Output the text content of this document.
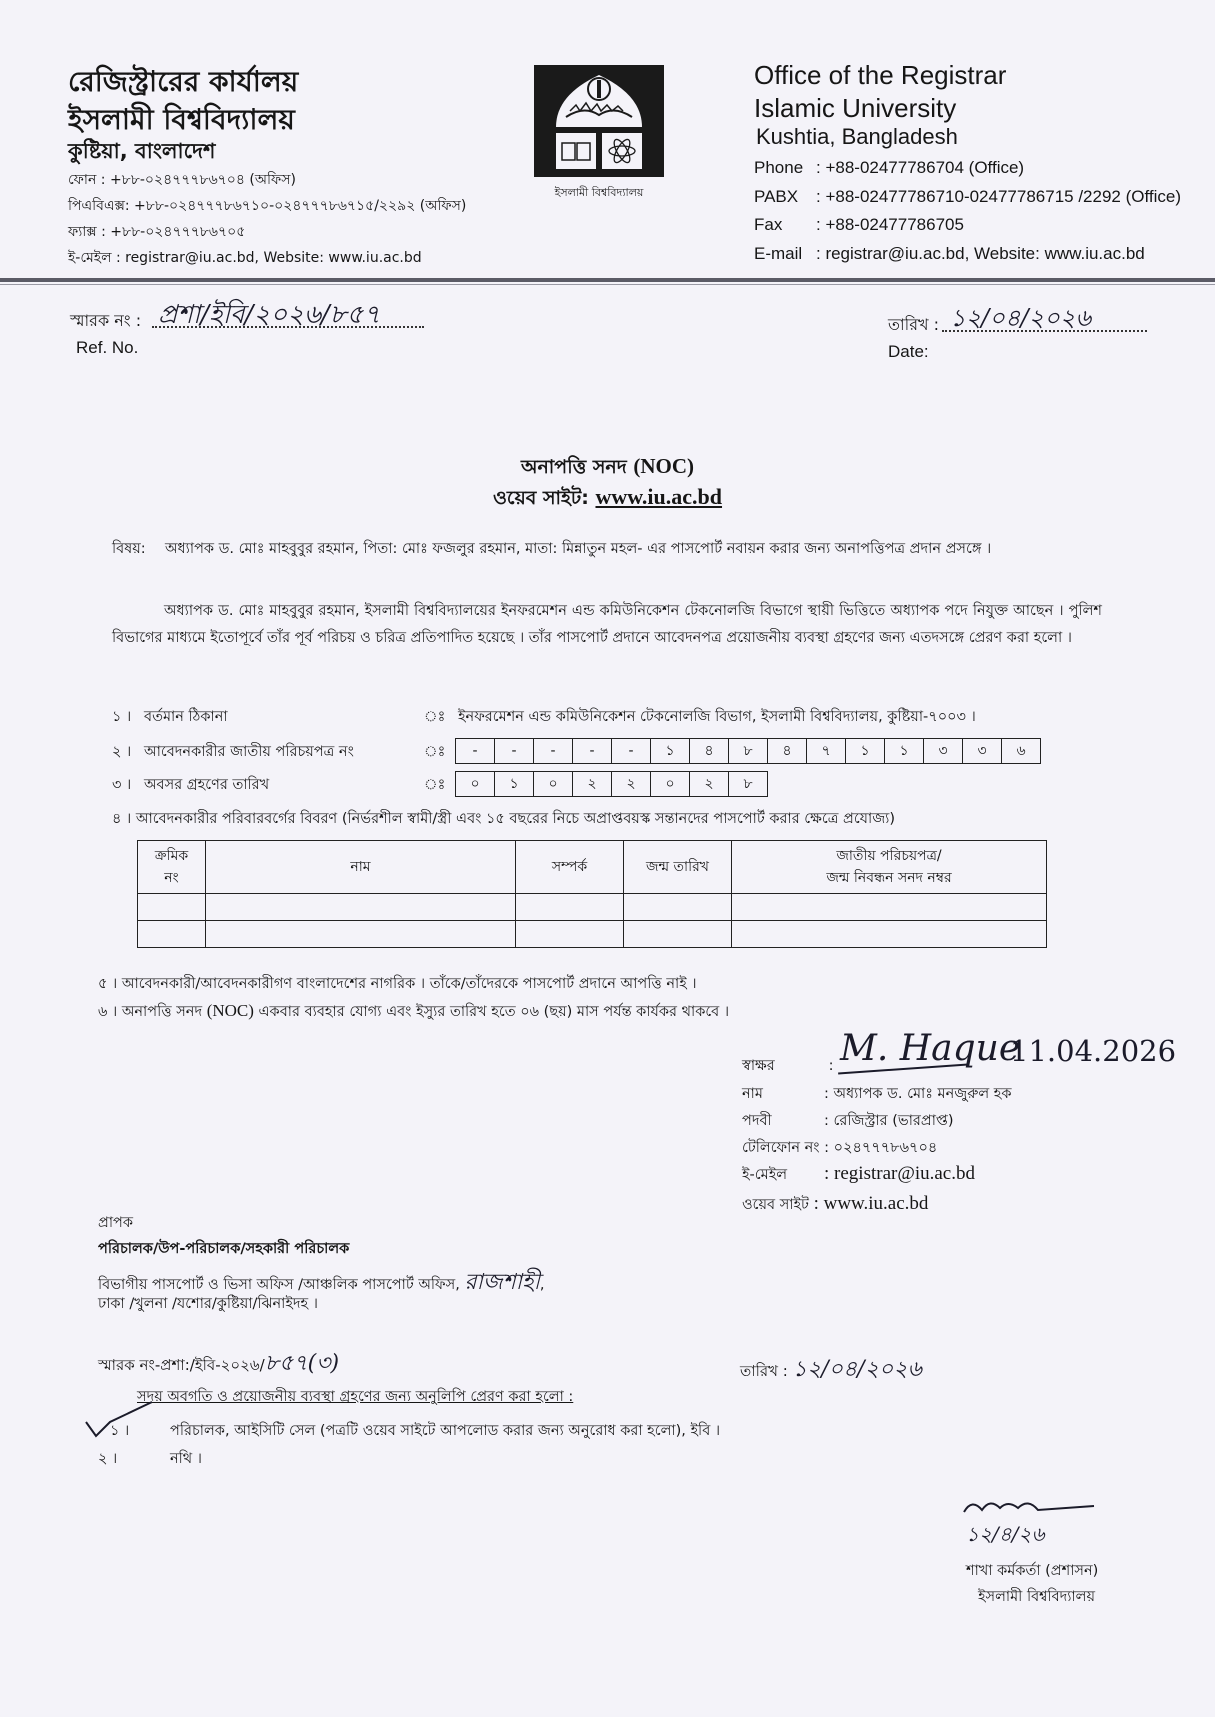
রেজিস্ট্রারের কার্যালয়
ইসলামী বিশ্ববিদ্যালয়
কুষ্টিয়া, বাংলাদেশ
ফোন : +৮৮-০২৪৭৭৭৮৬৭০৪ (অফিস)
পিএবিএক্স: +৮৮-০২৪৭৭৭৮৬৭১০-০২৪৭৭৭৮৬৭১৫/২২৯২ (অফিস)
ফ্যাক্স : +৮৮-০২৪৭৭৭৮৬৭০৫
ই-মেইল : registrar@iu.ac.bd, Website: www.iu.ac.bd
ইসলামী বিশ্ববিদ্যালয়
Office of the Registrar
Islamic University
Kushtia, Bangladesh
Phone : +88-02477786704 (Office)
PABX : +88-02477786710-02477786715 /2292 (Office)
Fax : +88-02477786705
E-mail : registrar@iu.ac.bd, Website: www.iu.ac.bd
স্মারক নং : প্রশা/ইবি/২০২৬/৮৫৭
Ref. No.
তারিখ : ১২/০৪/২০২৬
Date:
অনাপত্তি সনদ (NOC)
ওয়েব সাইট: www.iu.ac.bd
বিষয়: অধ্যাপক ড. মোঃ মাহবুবুর রহমান, পিতা: মোঃ ফজলুর রহমান, মাতা: মিন্নাতুন মহল- এর পাসপোর্ট নবায়ন করার জন্য অনাপত্তিপত্র প্রদান প্রসঙ্গে ।
অধ্যাপক ড. মোঃ মাহবুবুর রহমান, ইসলামী বিশ্ববিদ্যালয়ের ইনফরমেশন এন্ড কমিউনিকেশন টেকনোলজি বিভাগে স্থায়ী ভিত্তিতে অধ্যাপক পদে নিযুক্ত আছেন । পুলিশ বিভাগের মাধ্যমে ইতোপূর্বে তাঁর পূর্ব পরিচয় ও চরিত্র প্রতিপাদিত হয়েছে । তাঁর পাসপোর্ট প্রদানে আবেদনপত্র প্রয়োজনীয় ব্যবস্থা গ্রহণের জন্য এতদসঙ্গে প্রেরণ করা হলো ।
১ । বর্তমান ঠিকানা	ঃ ইনফরমেশন এন্ড কমিউনিকেশন টেকনোলজি বিভাগ, ইসলামী বিশ্ববিদ্যালয়, কুষ্টিয়া-৭০০৩ ।
২ । আবেদনকারীর জাতীয় পরিচয়পত্র নং	ঃ	-	-	-	-	-	১	৪	৮	৪	৭	১	১	৩	৩	৬
৩ । অবসর গ্রহণের তারিখ	ঃ	০	১	০	২	২	০	২	৮
৪ । আবেদনকারীর পরিবারবর্গের বিবরণ (নির্ভরশীল স্বামী/স্ত্রী এবং ১৫ বছরের নিচে অপ্রাপ্তবয়স্ক সন্তানদের পাসপোর্ট করার ক্ষেত্রে প্রযোজ্য)
ক্রমিক
নং	নাম	সম্পর্ক	জন্ম তারিখ	জাতীয় পরিচয়পত্র/
জন্ম নিবন্ধন সনদ নম্বর

৫ । আবেদনকারী/আবেদনকারীগণ বাংলাদেশের নাগরিক । তাঁকে/তাঁদেরকে পাসপোর্ট প্রদানে আপত্তি নাই ।
৬ । অনাপত্তি সনদ (NOC) একবার ব্যবহার যোগ্য এবং ইস্যুর তারিখ হতে ০৬ (ছয়) মাস পর্যন্ত কার্যকর থাকবে ।
স্বাক্ষর	: M. Haque
11.04.2026
নাম	: অধ্যাপক ড. মোঃ মনজুরুল হক
পদবী	: রেজিস্ট্রার (ভারপ্রাপ্ত)
টেলিফোন নং : ০২৪৭৭৭৮৬৭০৪
ই-মেইল : registrar@iu.ac.bd
ওয়েব সাইট : www.iu.ac.bd
প্রাপক
পরিচালক/উপ-পরিচালক/সহকারী পরিচালক
বিভাগীয় পাসপোর্ট ও ভিসা অফিস /আঞ্চলিক পাসপোর্ট অফিস, রাজশাহী,
ঢাকা /খুলনা /যশোর/কুষ্টিয়া/ঝিনাইদহ ।
স্মারক নং-প্রশা:/ইবি-২০২৬/৮৫৭(৩)	তারিখ : ১২/০৪/২০২৬
সদয় অবগতি ও প্রয়োজনীয় ব্যবস্থা গ্রহণের জন্য অনুলিপি প্রেরণ করা হলো :
১ ।	পরিচালক, আইসিটি সেল (পত্রটি ওয়েব সাইটে আপলোড করার জন্য অনুরোধ করা হলো), ইবি ।
২ ।	নথি ।
১২/৪/২৬
শাখা কর্মকর্তা (প্রশাসন)
ইসলামী বিশ্ববিদ্যালয়
